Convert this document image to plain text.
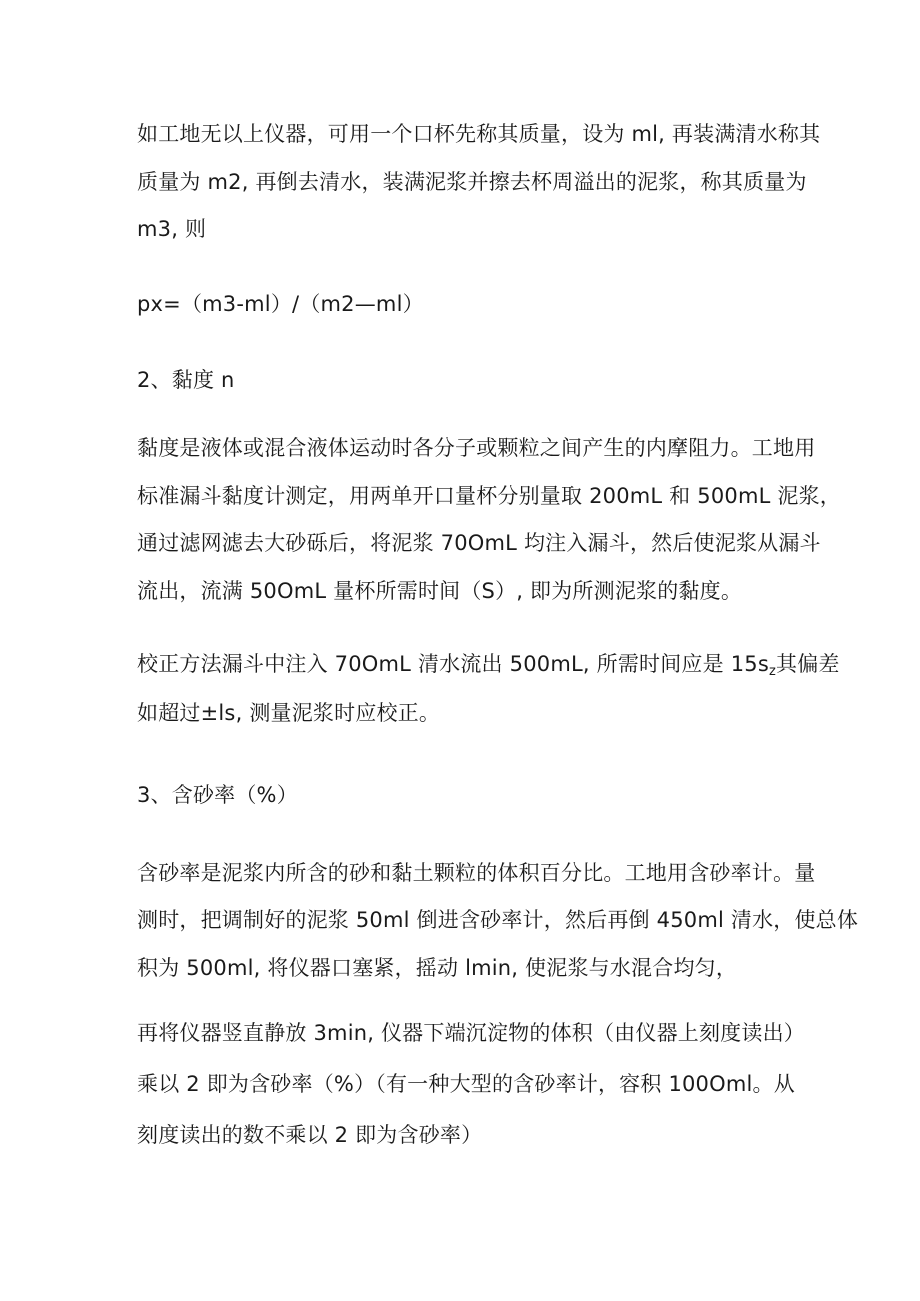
如工地无以上仪器，可用一个口杯先称其质量，设为 ml, 再装满清水称其
质量为 m2, 再倒去清水，装满泥浆并擦去杯周溢出的泥浆，称其质量为
m3, 则
px=（m3-ml）/（m2—ml）
2、黏度 n
黏度是液体或混合液体运动时各分子或颗粒之间产生的内摩阻力。工地用
标准漏斗黏度计测定，用两单开口量杯分别量取 200mL 和 500mL 泥浆，
通过滤网滤去大砂砾后，将泥浆 70OmL 均注入漏斗，然后使泥浆从漏斗
流出，流满 50OmL 量杯所需时间（S）, 即为所测泥浆的黏度。
校正方法漏斗中注入 70OmL 清水流出 500mL, 所需时间应是 $15s_z$其偏差
如超过±ls, 测量泥浆时应校正。
3、含砂率（%）
含砂率是泥浆内所含的砂和黏土颗粒的体积百分比。工地用含砂率计。量
测时，把调制好的泥浆 50ml 倒进含砂率计，然后再倒 450ml 清水，使总体
积为 500ml, 将仪器口塞紧，摇动 lmin, 使泥浆与水混合均匀，
再将仪器竖直静放 3min, 仪器下端沉淀物的体积（由仪器上刻度读出）
乘以 2 即为含砂率（%）（有一种大型的含砂率计，容积 100Oml。从
刻度读出的数不乘以 2 即为含砂率）
